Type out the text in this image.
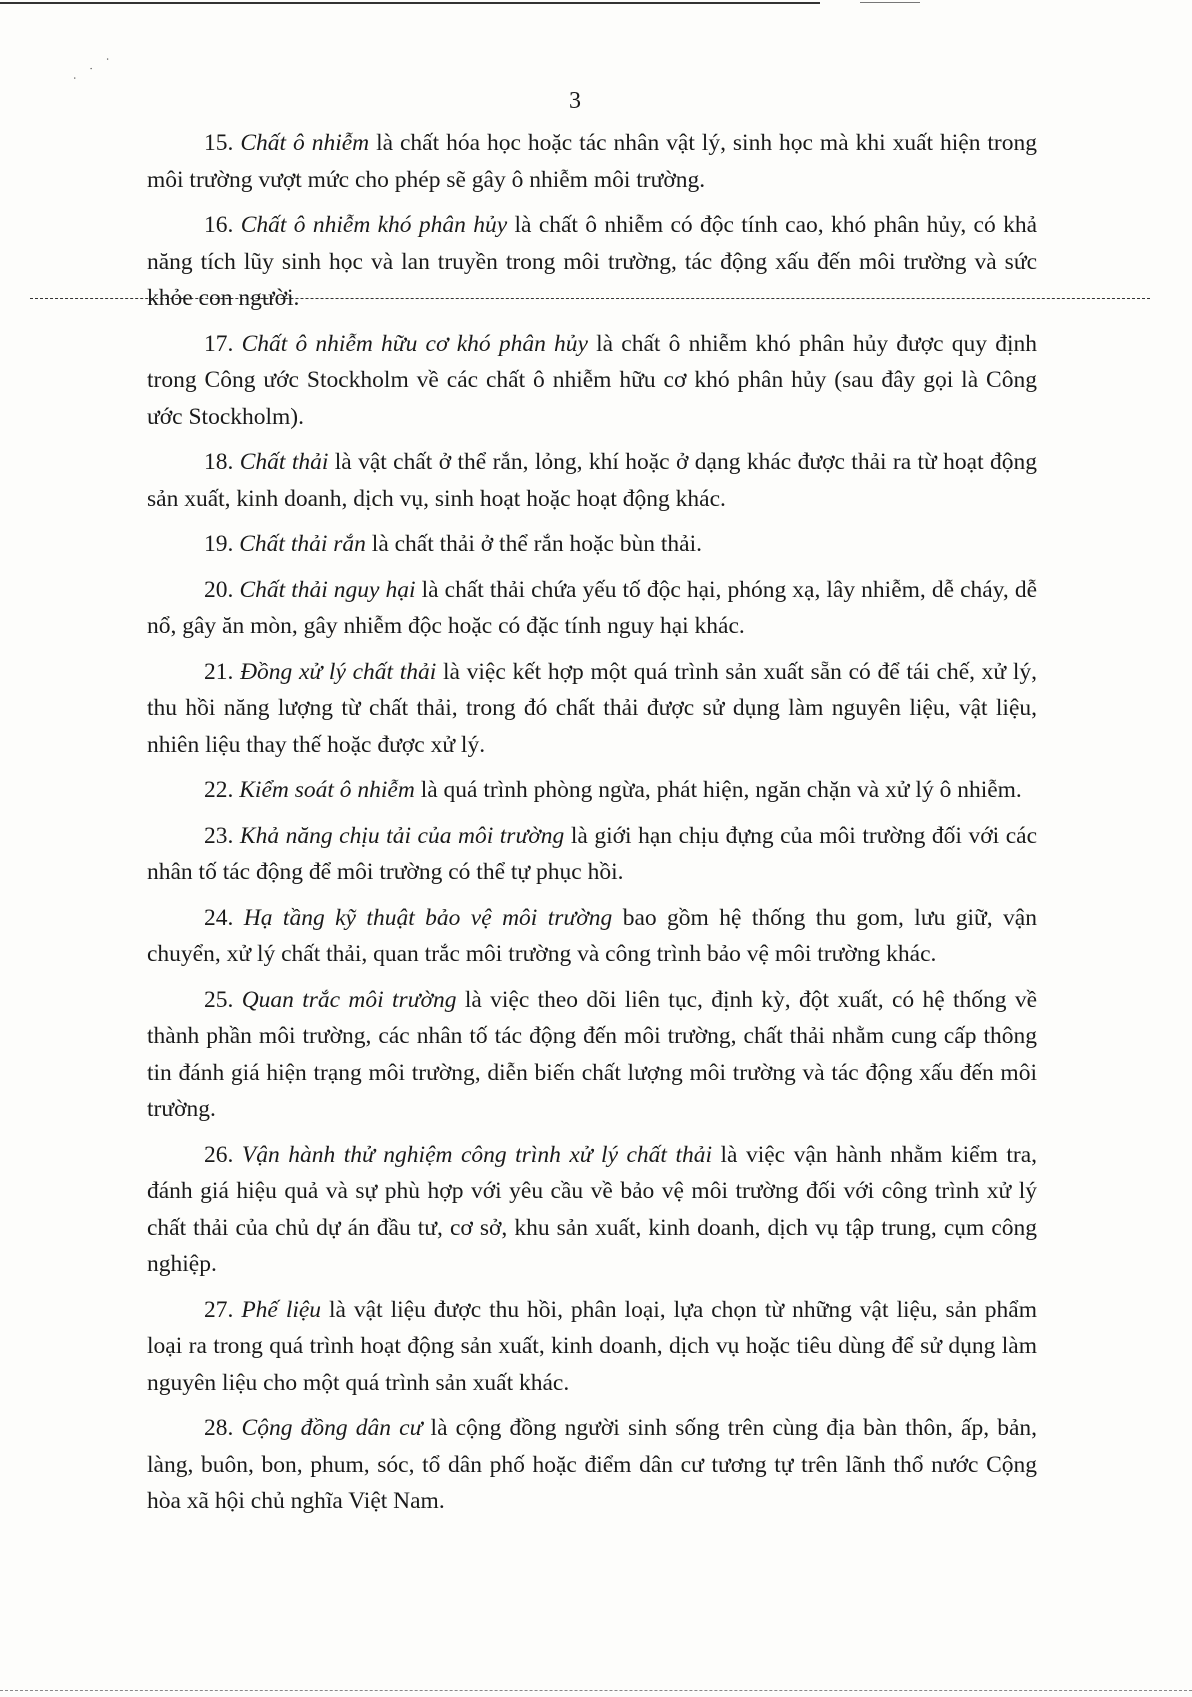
· · ·
3

15. Chất ô nhiễm là chất hóa học hoặc tác nhân vật lý, sinh học mà khi xuất hiện trong môi trường vượt mức cho phép sẽ gây ô nhiễm môi trường.

16. Chất ô nhiễm khó phân hủy là chất ô nhiễm có độc tính cao, khó phân hủy, có khả năng tích lũy sinh học và lan truyền trong môi trường, tác động xấu đến môi trường và sức khỏe con người.

17. Chất ô nhiễm hữu cơ khó phân hủy là chất ô nhiễm khó phân hủy được quy định trong Công ước Stockholm về các chất ô nhiễm hữu cơ khó phân hủy (sau đây gọi là Công ước Stockholm).

18. Chất thải là vật chất ở thể rắn, lỏng, khí hoặc ở dạng khác được thải ra từ hoạt động sản xuất, kinh doanh, dịch vụ, sinh hoạt hoặc hoạt động khác.

19. Chất thải rắn là chất thải ở thể rắn hoặc bùn thải.

20. Chất thải nguy hại là chất thải chứa yếu tố độc hại, phóng xạ, lây nhiễm, dễ cháy, dễ nổ, gây ăn mòn, gây nhiễm độc hoặc có đặc tính nguy hại khác.

21. Đồng xử lý chất thải là việc kết hợp một quá trình sản xuất sẵn có để tái chế, xử lý, thu hồi năng lượng từ chất thải, trong đó chất thải được sử dụng làm nguyên liệu, vật liệu, nhiên liệu thay thế hoặc được xử lý.

22. Kiểm soát ô nhiễm là quá trình phòng ngừa, phát hiện, ngăn chặn và xử lý ô nhiễm.

23. Khả năng chịu tải của môi trường là giới hạn chịu đựng của môi trường đối với các nhân tố tác động để môi trường có thể tự phục hồi.

24. Hạ tầng kỹ thuật bảo vệ môi trường bao gồm hệ thống thu gom, lưu giữ, vận chuyển, xử lý chất thải, quan trắc môi trường và công trình bảo vệ môi trường khác.

25. Quan trắc môi trường là việc theo dõi liên tục, định kỳ, đột xuất, có hệ thống về thành phần môi trường, các nhân tố tác động đến môi trường, chất thải nhằm cung cấp thông tin đánh giá hiện trạng môi trường, diễn biến chất lượng môi trường và tác động xấu đến môi trường.

26. Vận hành thử nghiệm công trình xử lý chất thải là việc vận hành nhằm kiểm tra, đánh giá hiệu quả và sự phù hợp với yêu cầu về bảo vệ môi trường đối với công trình xử lý chất thải của chủ dự án đầu tư, cơ sở, khu sản xuất, kinh doanh, dịch vụ tập trung, cụm công nghiệp.

27. Phế liệu là vật liệu được thu hồi, phân loại, lựa chọn từ những vật liệu, sản phẩm loại ra trong quá trình hoạt động sản xuất, kinh doanh, dịch vụ hoặc tiêu dùng để sử dụng làm nguyên liệu cho một quá trình sản xuất khác.

28. Cộng đồng dân cư là cộng đồng người sinh sống trên cùng địa bàn thôn, ấp, bản, làng, buôn, bon, phum, sóc, tổ dân phố hoặc điểm dân cư tương tự trên lãnh thổ nước Cộng hòa xã hội chủ nghĩa Việt Nam.
